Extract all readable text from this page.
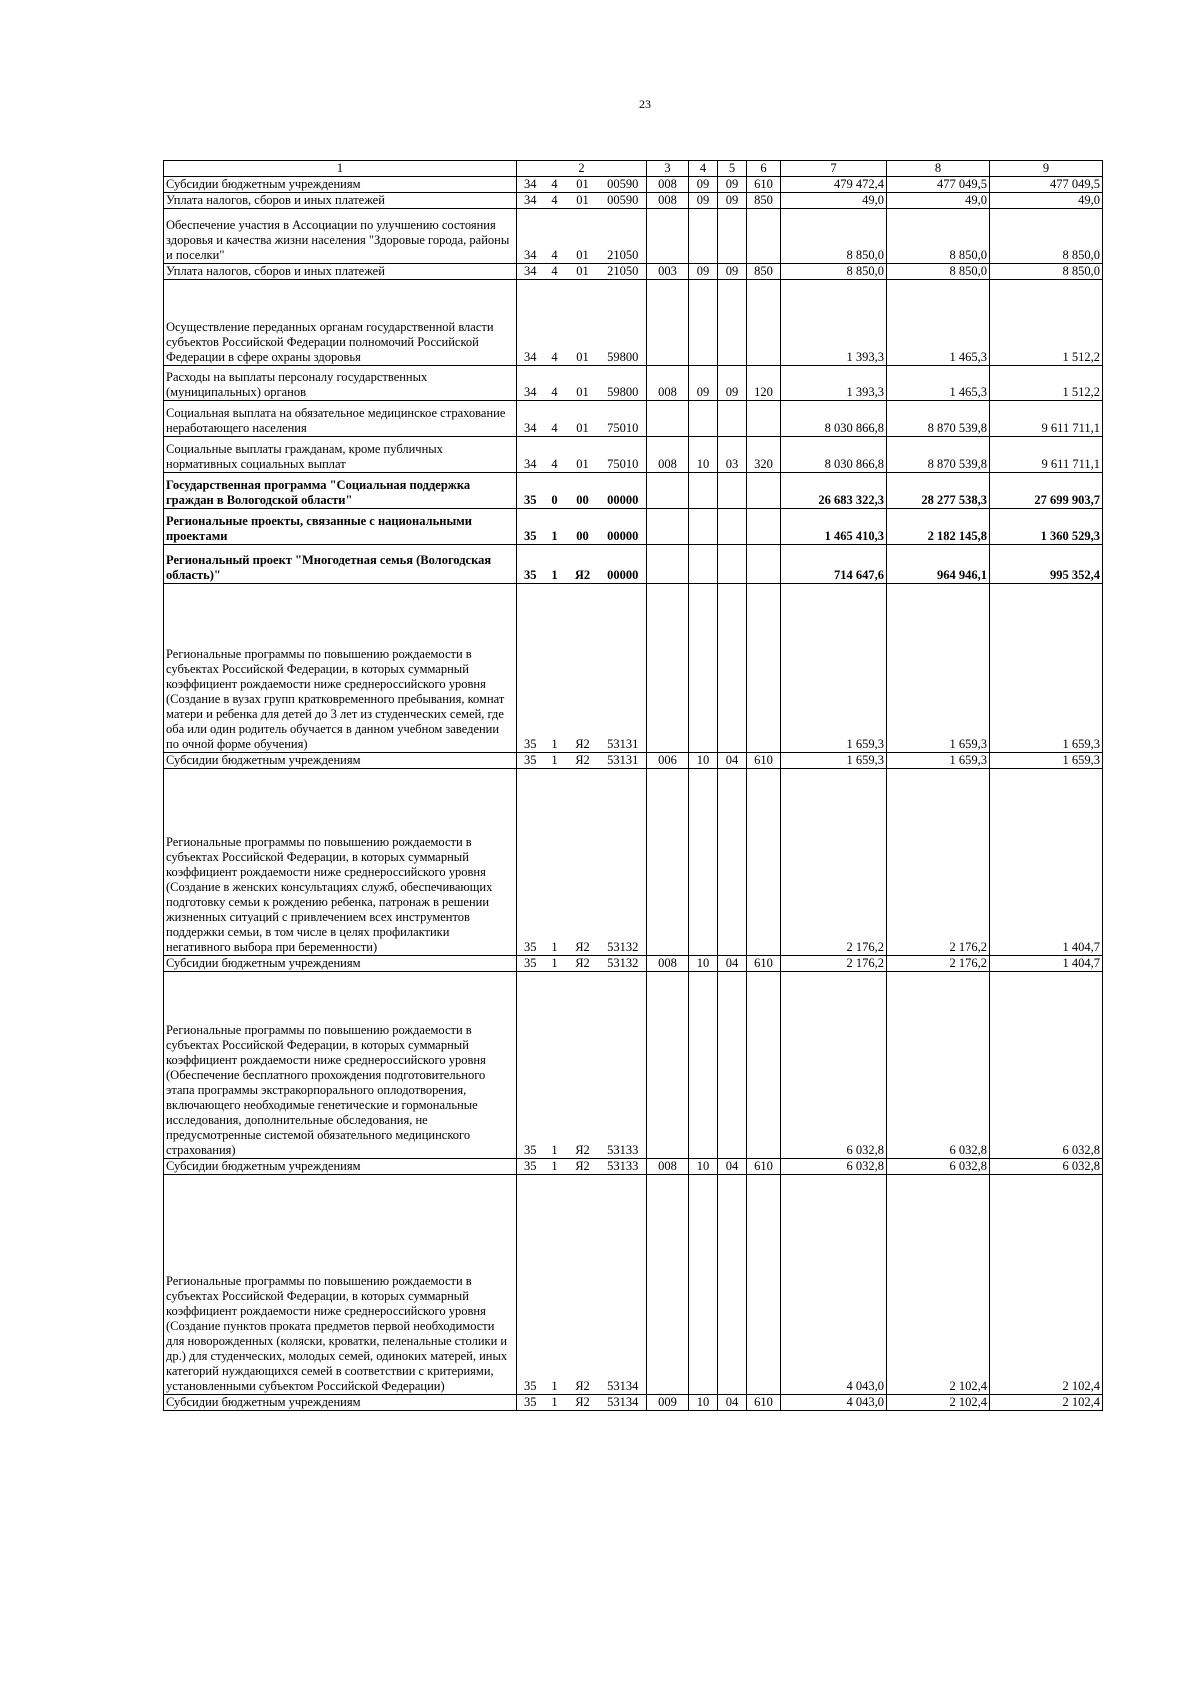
23
1	2				3	4	5	6	7	8	9
Субсидии бюджетным учреждениям	34	4	01	00590	008	09	09	610	479 472,4	477 049,5	477 049,5
Уплата налогов, сборов и иных платежей	34	4	01	00590	008	09	09	850	49,0	49,0	49,0
Обеспечение участия в Ассоциации по улучшению состояния здоровья и качества жизни населения "Здоровые города, районы и поселки"	34	4	01	21050					8 850,0	8 850,0	8 850,0
Уплата налогов, сборов и иных платежей	34	4	01	21050	003	09	09	850	8 850,0	8 850,0	8 850,0
Осуществление переданных органам государственной власти субъектов Российской Федерации полномочий Российской Федерации в сфере охраны здоровья	34	4	01	59800					1 393,3	1 465,3	1 512,2
Расходы на выплаты персоналу государственных (муниципальных) органов	34	4	01	59800	008	09	09	120	1 393,3	1 465,3	1 512,2
Социальная выплата на обязательное медицинское страхование неработающего населения	34	4	01	75010					8 030 866,8	8 870 539,8	9 611 711,1
Социальные выплаты гражданам, кроме публичных нормативных социальных выплат	34	4	01	75010	008	10	03	320	8 030 866,8	8 870 539,8	9 611 711,1
Государственная программа "Социальная поддержка граждан в Вологодской области"	35	0	00	00000					26 683 322,3	28 277 538,3	27 699 903,7
Региональные проекты, связанные с национальными проектами	35	1	00	00000					1 465 410,3	2 182 145,8	1 360 529,3
Региональный проект "Многодетная семья (Вологодская область)"	35	1	Я2	00000					714 647,6	964 946,1	995 352,4
Региональные программы по повышению рождаемости в субъектах Российской Федерации, в которых суммарный коэффициент рождаемости ниже среднероссийского уровня (Создание в вузах групп кратковременного пребывания, комнат матери и ребенка для детей до 3 лет из студенческих семей, где оба или один родитель обучается в данном учебном заведении по очной форме обучения)	35	1	Я2	53131					1 659,3	1 659,3	1 659,3
Субсидии бюджетным учреждениям	35	1	Я2	53131	006	10	04	610	1 659,3	1 659,3	1 659,3
Региональные программы по повышению рождаемости в субъектах Российской Федерации, в которых суммарный коэффициент рождаемости ниже среднероссийского уровня (Создание в женских консультациях служб, обеспечивающих подготовку семьи к рождению ребенка, патронаж в решении жизненных ситуаций с привлечением всех инструментов поддержки семьи, в том числе в целях профилактики негативного выбора при беременности)	35	1	Я2	53132					2 176,2	2 176,2	1 404,7
Субсидии бюджетным учреждениям	35	1	Я2	53132	008	10	04	610	2 176,2	2 176,2	1 404,7
Региональные программы по повышению рождаемости в субъектах Российской Федерации, в которых суммарный коэффициент рождаемости ниже среднероссийского уровня (Обеспечение бесплатного прохождения подготовительного этапа программы экстракорпорального оплодотворения, включающего необходимые генетические и гормональные исследования, дополнительные обследования, не предусмотренные системой обязательного медицинского страхования)	35	1	Я2	53133					6 032,8	6 032,8	6 032,8
Субсидии бюджетным учреждениям	35	1	Я2	53133	008	10	04	610	6 032,8	6 032,8	6 032,8
Региональные программы по повышению рождаемости в субъектах Российской Федерации, в которых суммарный коэффициент рождаемости ниже среднероссийского уровня (Создание пунктов проката предметов первой необходимости для новорожденных (коляски, кроватки, пеленальные столики и др.) для студенческих, молодых семей, одиноких матерей, иных категорий нуждающихся семей в соответствии с критериями, установленными субъектом Российской Федерации)	35	1	Я2	53134					4 043,0	2 102,4	2 102,4
Субсидии бюджетным учреждениям	35	1	Я2	53134	009	10	04	610	4 043,0	2 102,4	2 102,4
